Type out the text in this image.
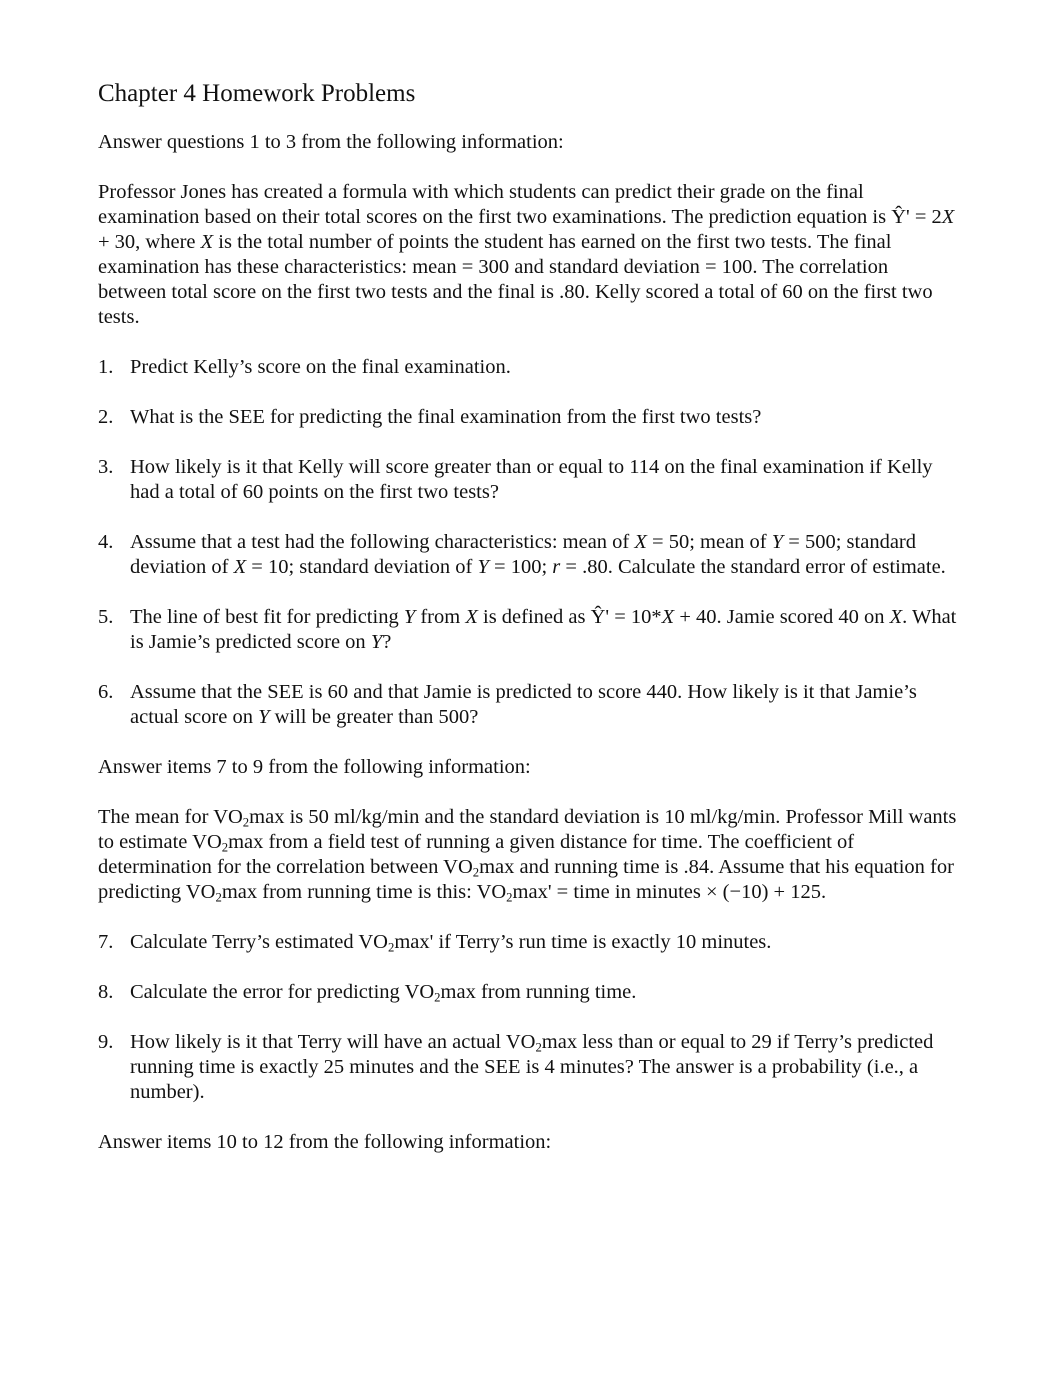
Chapter 4 Homework Problems

Answer questions 1 to 3 from the following information:

Professor Jones has created a formula with which students can predict their grade on the final examination based on their total scores on the first two examinations. The prediction equation is Ŷ' = 2X + 30, where X is the total number of points the student has earned on the first two tests. The final examination has these characteristics: mean = 300 and standard deviation = 100. The correlation between total score on the first two tests and the final is .80. Kelly scored a total of 60 on the first two tests.

1. Predict Kelly’s score on the final examination.
2. What is the SEE for predicting the final examination from the first two tests?
3. How likely is it that Kelly will score greater than or equal to 114 on the final examination if Kelly had a total of 60 points on the first two tests?
4. Assume that a test had the following characteristics: mean of X = 50; mean of Y = 500; standard deviation of X = 10; standard deviation of Y = 100; r = .80. Calculate the standard error of estimate.
5. The line of best fit for predicting Y from X is defined as Ŷ' = 10*X + 40. Jamie scored 40 on X. What is Jamie’s predicted score on Y?
6. Assume that the SEE is 60 and that Jamie is predicted to score 440. How likely is it that Jamie’s actual score on Y will be greater than 500?

Answer items 7 to 9 from the following information:

The mean for $VO_2\max$ is 50 ml/kg/min and the standard deviation is 10 ml/kg/min. Professor Mill wants to estimate $VO_2\max$ from a field test of running a given distance for time. The coefficient of determination for the correlation between $VO_2\max$ and running time is .84. Assume that his equation for predicting $VO_2\max$ from running time is this: $VO_2\max'$ = time in minutes × (−10) + 125.

7. Calculate Terry’s estimated $VO_2\max'$ if Terry’s run time is exactly 10 minutes.
8. Calculate the error for predicting $VO_2\max$ from running time.
9. How likely is it that Terry will have an actual $VO_2\max$ less than or equal to 29 if Terry’s predicted running time is exactly 25 minutes and the SEE is 4 minutes? The answer is a probability (i.e., a number).

Answer items 10 to 12 from the following information:
